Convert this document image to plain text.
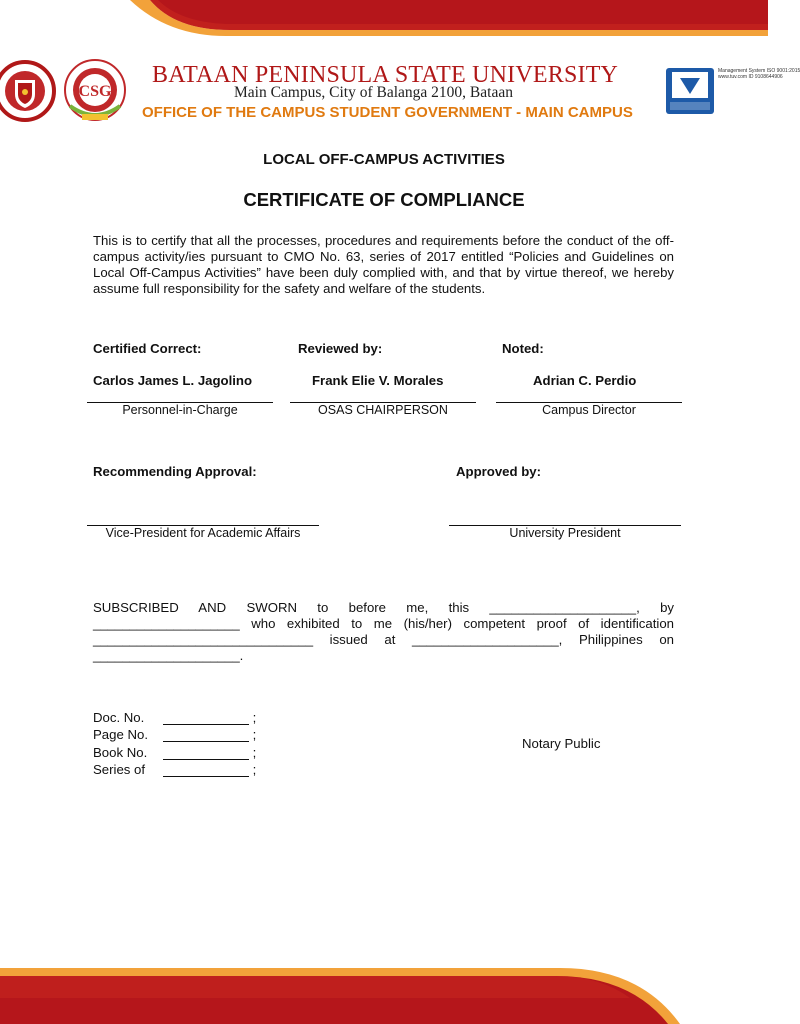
CSG
BATAAN PENINSULA STATE UNIVERSITY
Main Campus, City of Balanga 2100, Bataan
OFFICE OF THE CAMPUS STUDENT GOVERNMENT - MAIN CAMPUS
Management System ISO 9001:2015
www.tuv.com ID 9108644906
LOCAL OFF-CAMPUS ACTIVITIES
CERTIFICATE OF COMPLIANCE
This is to certify that all the processes, procedures and requirements before the conduct of the off-campus activity/ies pursuant to CMO No. 63, series of 2017 entitled “Policies and Guidelines on Local Off-Campus Activities” have been duly complied with, and that by virtue thereof, we hereby assume full responsibility for the safety and welfare of the students.
Certified Correct:	Reviewed by:	Noted:
Carlos James L. Jagolino	Frank Elie V. Morales	Adrian C. Perdio
Personnel-in-Charge	OSAS CHAIRPERSON	Campus Director
Recommending Approval:	Approved by:
Vice-President for Academic Affairs	University President
SUBSCRIBED AND SWORN to before me, this ____________________, by ____________________ who exhibited to me (his/her) competent proof of identification ______________________________ issued at ____________________, Philippines on ____________________.
Doc. No.	;
Page No.	;
Book No.	;
Series of	;
Notary Public
